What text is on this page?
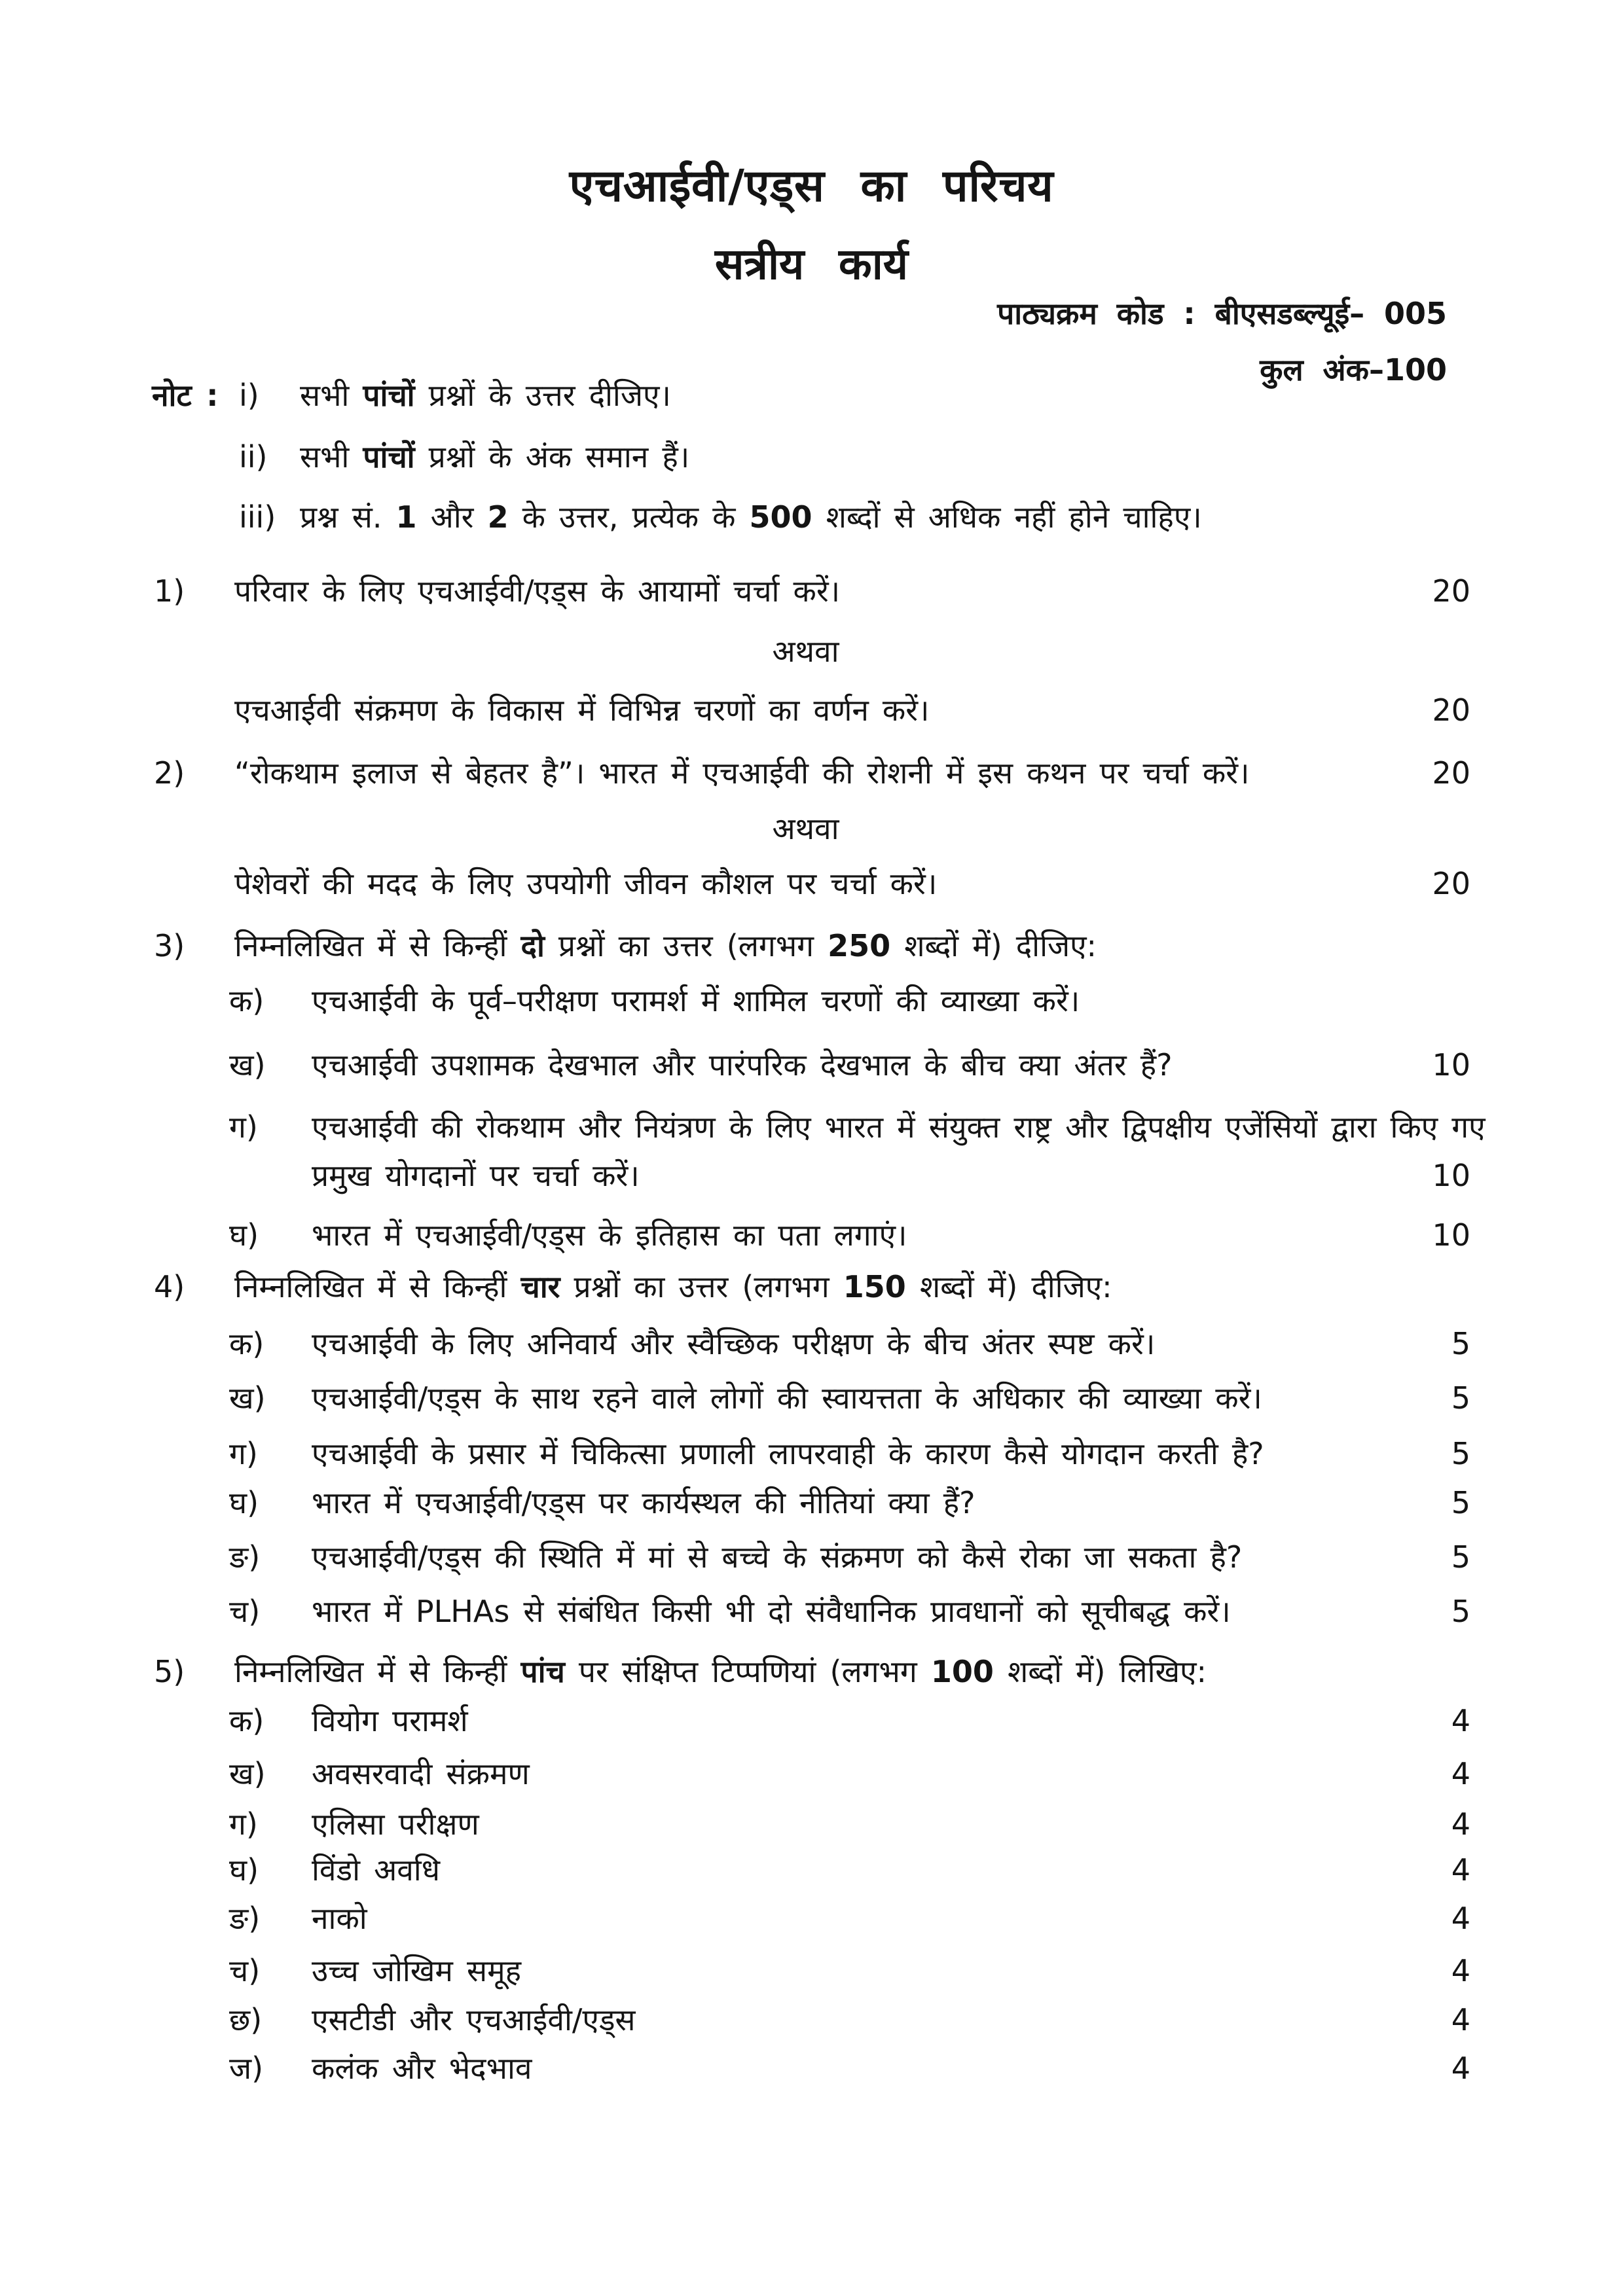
एचआईवी/एड्स का परिचय
सत्रीय कार्य
पाठ्यक्रम कोड : बीएसडब्ल्यूई– 005
कुल अंक–100
नोट : i) सभी पांचों प्रश्नों के उत्तर दीजिए।
ii) सभी पांचों प्रश्नों के अंक समान हैं।
iii) प्रश्न सं. 1 और 2 के उत्तर, प्रत्येक के 500 शब्दों से अधिक नहीं होने चाहिए।
1) परिवार के लिए एचआईवी/एड्स के आयामों चर्चा करें।	20
अथवा
एचआईवी संक्रमण के विकास में विभिन्न चरणों का वर्णन करें।	20
2) “रोकथाम इलाज से बेहतर है”। भारत में एचआईवी की रोशनी में इस कथन पर चर्चा करें।	20
अथवा
पेशेवरों की मदद के लिए उपयोगी जीवन कौशल पर चर्चा करें।	20
3) निम्नलिखित में से किन्हीं दो प्रश्नों का उत्तर (लगभग 250 शब्दों में) दीजिए:
क) एचआईवी के पूर्व–परीक्षण परामर्श में शामिल चरणों की व्याख्या करें।
ख) एचआईवी उपशामक देखभाल और पारंपरिक देखभाल के बीच क्या अंतर हैं?	10
ग) एचआईवी की रोकथाम और नियंत्रण के लिए भारत में संयुक्त राष्ट्र और द्विपक्षीय एजेंसियों द्वारा किए गए
प्रमुख योगदानों पर चर्चा करें।	10
घ) भारत में एचआईवी/एड्स के इतिहास का पता लगाएं।	10
4) निम्नलिखित में से किन्हीं चार प्रश्नों का उत्तर (लगभग 150 शब्दों में) दीजिए:
क) एचआईवी के लिए अनिवार्य और स्वैच्छिक परीक्षण के बीच अंतर स्पष्ट करें।	5
ख) एचआईवी/एड्स के साथ रहने वाले लोगों की स्वायत्तता के अधिकार की व्याख्या करें।	5
ग) एचआईवी के प्रसार में चिकित्सा प्रणाली लापरवाही के कारण कैसे योगदान करती है?	5
घ) भारत में एचआईवी/एड्स पर कार्यस्थल की नीतियां क्या हैं?	5
ङ) एचआईवी/एड्स की स्थिति में मां से बच्चे के संक्रमण को कैसे रोका जा सकता है?	5
च) भारत में PLHAs से संबंधित किसी भी दो संवैधानिक प्रावधानों को सूचीबद्ध करें।	5
5) निम्नलिखित में से किन्हीं पांच पर संक्षिप्त टिप्पणियां (लगभग 100 शब्दों में) लिखिए:
क) वियोग परामर्श	4
ख) अवसरवादी संक्रमण	4
ग) एलिसा परीक्षण	4
घ) विंडो अवधि	4
ङ) नाको	4
च) उच्च जोखिम समूह	4
छ) एसटीडी और एचआईवी/एड्स	4
ज) कलंक और भेदभाव	4
